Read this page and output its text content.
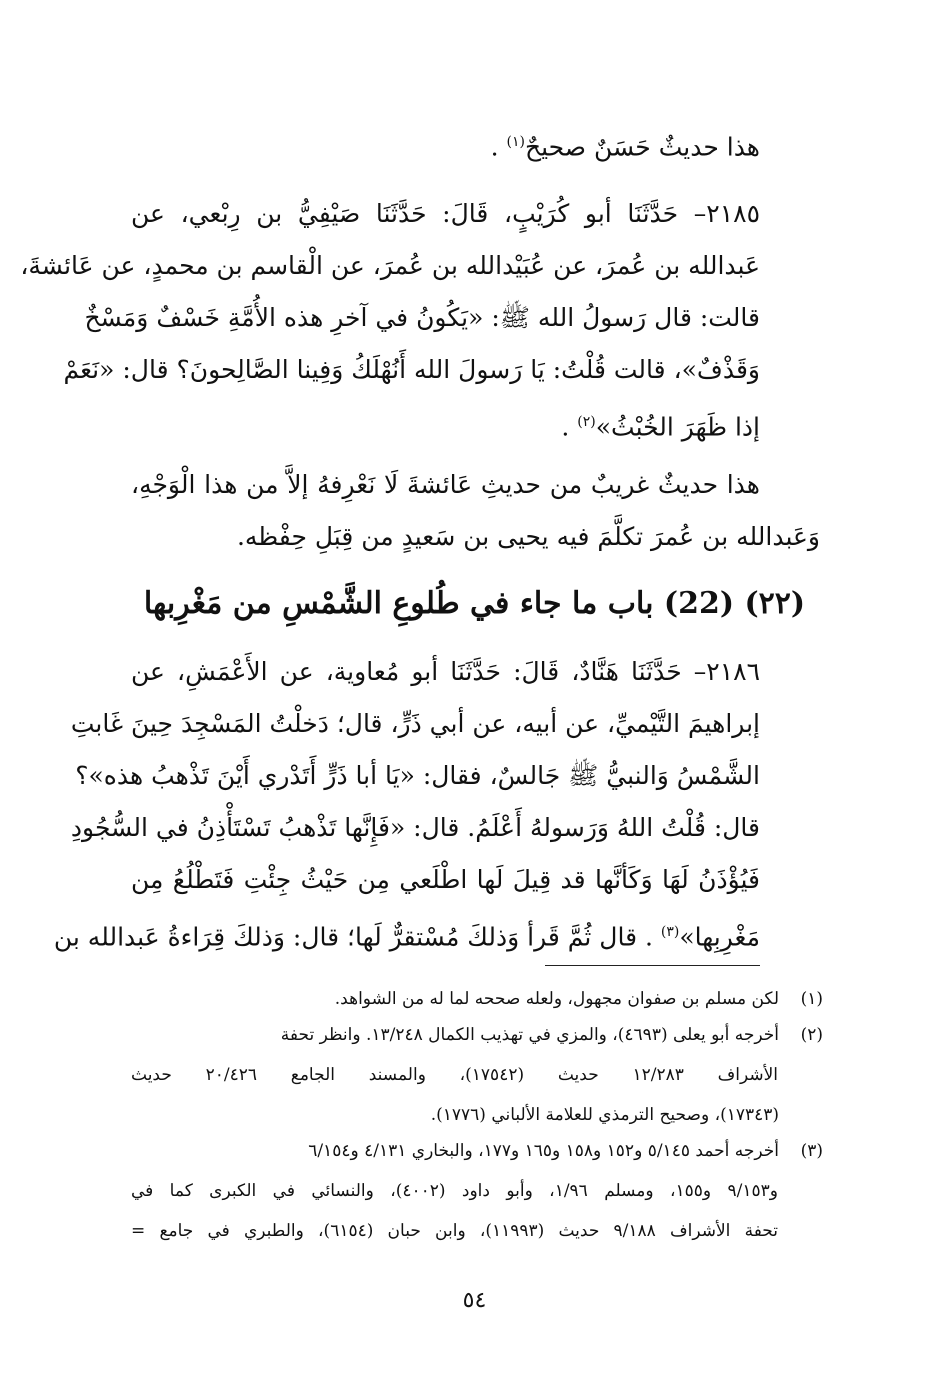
هذا حديثٌ حَسَنٌ صحيحٌ$^{(١)}$ .
٢١٨٥– حَدَّثَنَا أبو كُرَيْبٍ، قَالَ: حَدَّثَنَا صَيْفِيُّ بن رِبْعي، عن
عَبدالله بن عُمرَ، عن عُبَيْدالله بن عُمرَ، عن الْقاسم بن محمدٍ، عن عَائشةَ،
قالت: قال رَسولُ الله ﷺ: «يَكُونُ في آخرِ هذه الأُمَّةِ خَسْفٌ وَمَسْخٌ
وَقَذْفٌ»، قالت قُلْتُ: يَا رَسولَ الله أَنُهْلَكُ وَفِينا الصَّالِحونَ؟ قال: «نَعَمْ
إذا ظَهَرَ الخُبْثُ»$^{(٢)}$ .
هذا حديثٌ غريبٌ من حديثِ عَائشةَ لَا نَعْرِفهُ إلاَّ من هذا الْوَجْهِ،
وَعَبدالله بن عُمرَ تكلَّمَ فيه يحيى بن سَعيدٍ من قِبَلِ حِفْظه.
(٢٢) (22) باب ما جاء في طُلوعِ الشَّمْسِ من مَغْرِبها
٢١٨٦– حَدَّثَنَا هَنَّادٌ، قَالَ: حَدَّثَنَا أبو مُعاوية، عن الأَعْمَشِ، عن
إبراهيمَ التَّيْميِّ، عن أبيه، عن أبي ذَرٍّ، قال؛ دَخلْتُ المَسْجِدَ حِينَ غَابتِ
الشَّمْسُ وَالنبيُّ ﷺ جَالسٌ، فقال: «يَا أبا ذَرٍّ أَتَدْري أَيْنَ تَذْهبُ هذه»؟
قال: قُلْتُ اللهُ وَرَسولهُ أَعْلَمُ. قال: «فَإِنَّها تَذْهبُ تَسْتَأْذِنُ في السُّجُودِ
فَيُؤْذَنُ لَهَا وَكَأنَّها قد قِيلَ لَها اطْلَعي مِن حَيْثُ جِئْتِ فَتَطْلُعُ مِن
مَغْرِبِها»$^{(٣)}$ . قال ثُمَّ قَرأ وَذلكَ مُسْتقرٌّ لَها؛ قال: وَذلكَ قِرَاءةُ عَبدالله بن
(١)
لكن مسلم بن صفوان مجهول، ولعله صححه لما له من الشواهد.
(٢)
أخرجه أبو يعلى (٤٦٩٣)، والمزي في تهذيب الكمال ١٣/٢٤٨. وانظر تحفة
الأشراف ١٢/٢٨٣ حديث (١٧٥٤٢)، والمسند الجامع ٢٠/٤٢٦ حديث
(١٧٣٤٣)، وصحيح الترمذي للعلامة الألباني (١٧٧٦).
(٣)
أخرجه أحمد ٥/١٤٥ و١٥٢ و١٥٨ و١٦٥ و١٧٧، والبخاري ٤/١٣١ و٦/١٥٤
و٩/١٥٣ و١٥٥، ومسلم ١/٩٦، وأبو داود (٤٠٠٢)، والنسائي في الكبرى كما في
تحفة الأشراف ٩/١٨٨ حديث (١١٩٩٣)، وابن حبان (٦١٥٤)، والطبري في جامع =
٥٤
